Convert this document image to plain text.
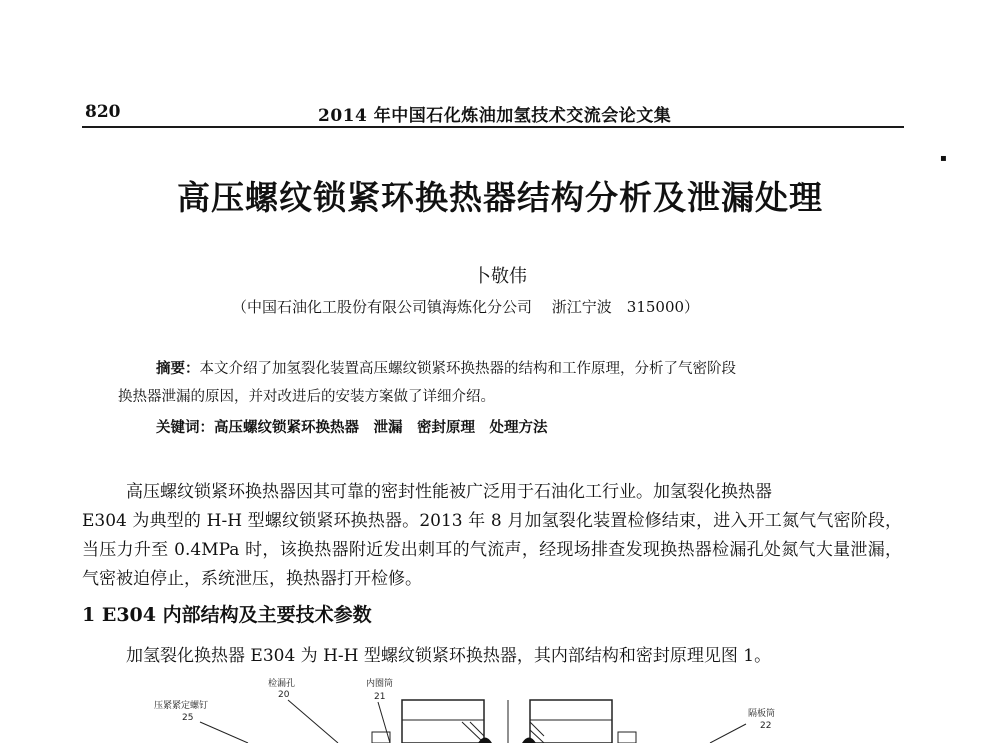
820	2014 年中国石化炼油加氢技术交流会论文集
▪
高压螺纹锁紧环换热器结构分析及泄漏处理
卜敬伟
（中国石油化工股份有限公司镇海炼化分公司　 浙江宁波　315000）
摘要：本文介绍了加氢裂化装置高压螺纹锁紧环换热器的结构和工作原理，分析了气密阶段
换热器泄漏的原因，并对改进后的安装方案做了详细介绍。
关键词：高压螺纹锁紧环换热器　泄漏　密封原理　处理方法
高压螺纹锁紧环换热器因其可靠的密封性能被广泛用于石油化工行业。加氢裂化换热器
E304 为典型的 H-H 型螺纹锁紧环换热器。2013 年 8 月加氢裂化装置检修结束，进入开工氮气气密阶段，当压力升至 0.4MPa 时，该换热器附近发出刺耳的气流声，经现场排查发现换热器检漏孔处氮气大量泄漏，气密被迫停止，系统泄压，换热器打开检修。
1 E304 内部结构及主要技术参数
加氢裂化换热器 E304 为 H-H 型螺纹锁紧环换热器，其内部结构和密封原理见图 1。
检漏孔
20
内圈筒
21
压紧紧定螺钉
25	隔板筒
22
